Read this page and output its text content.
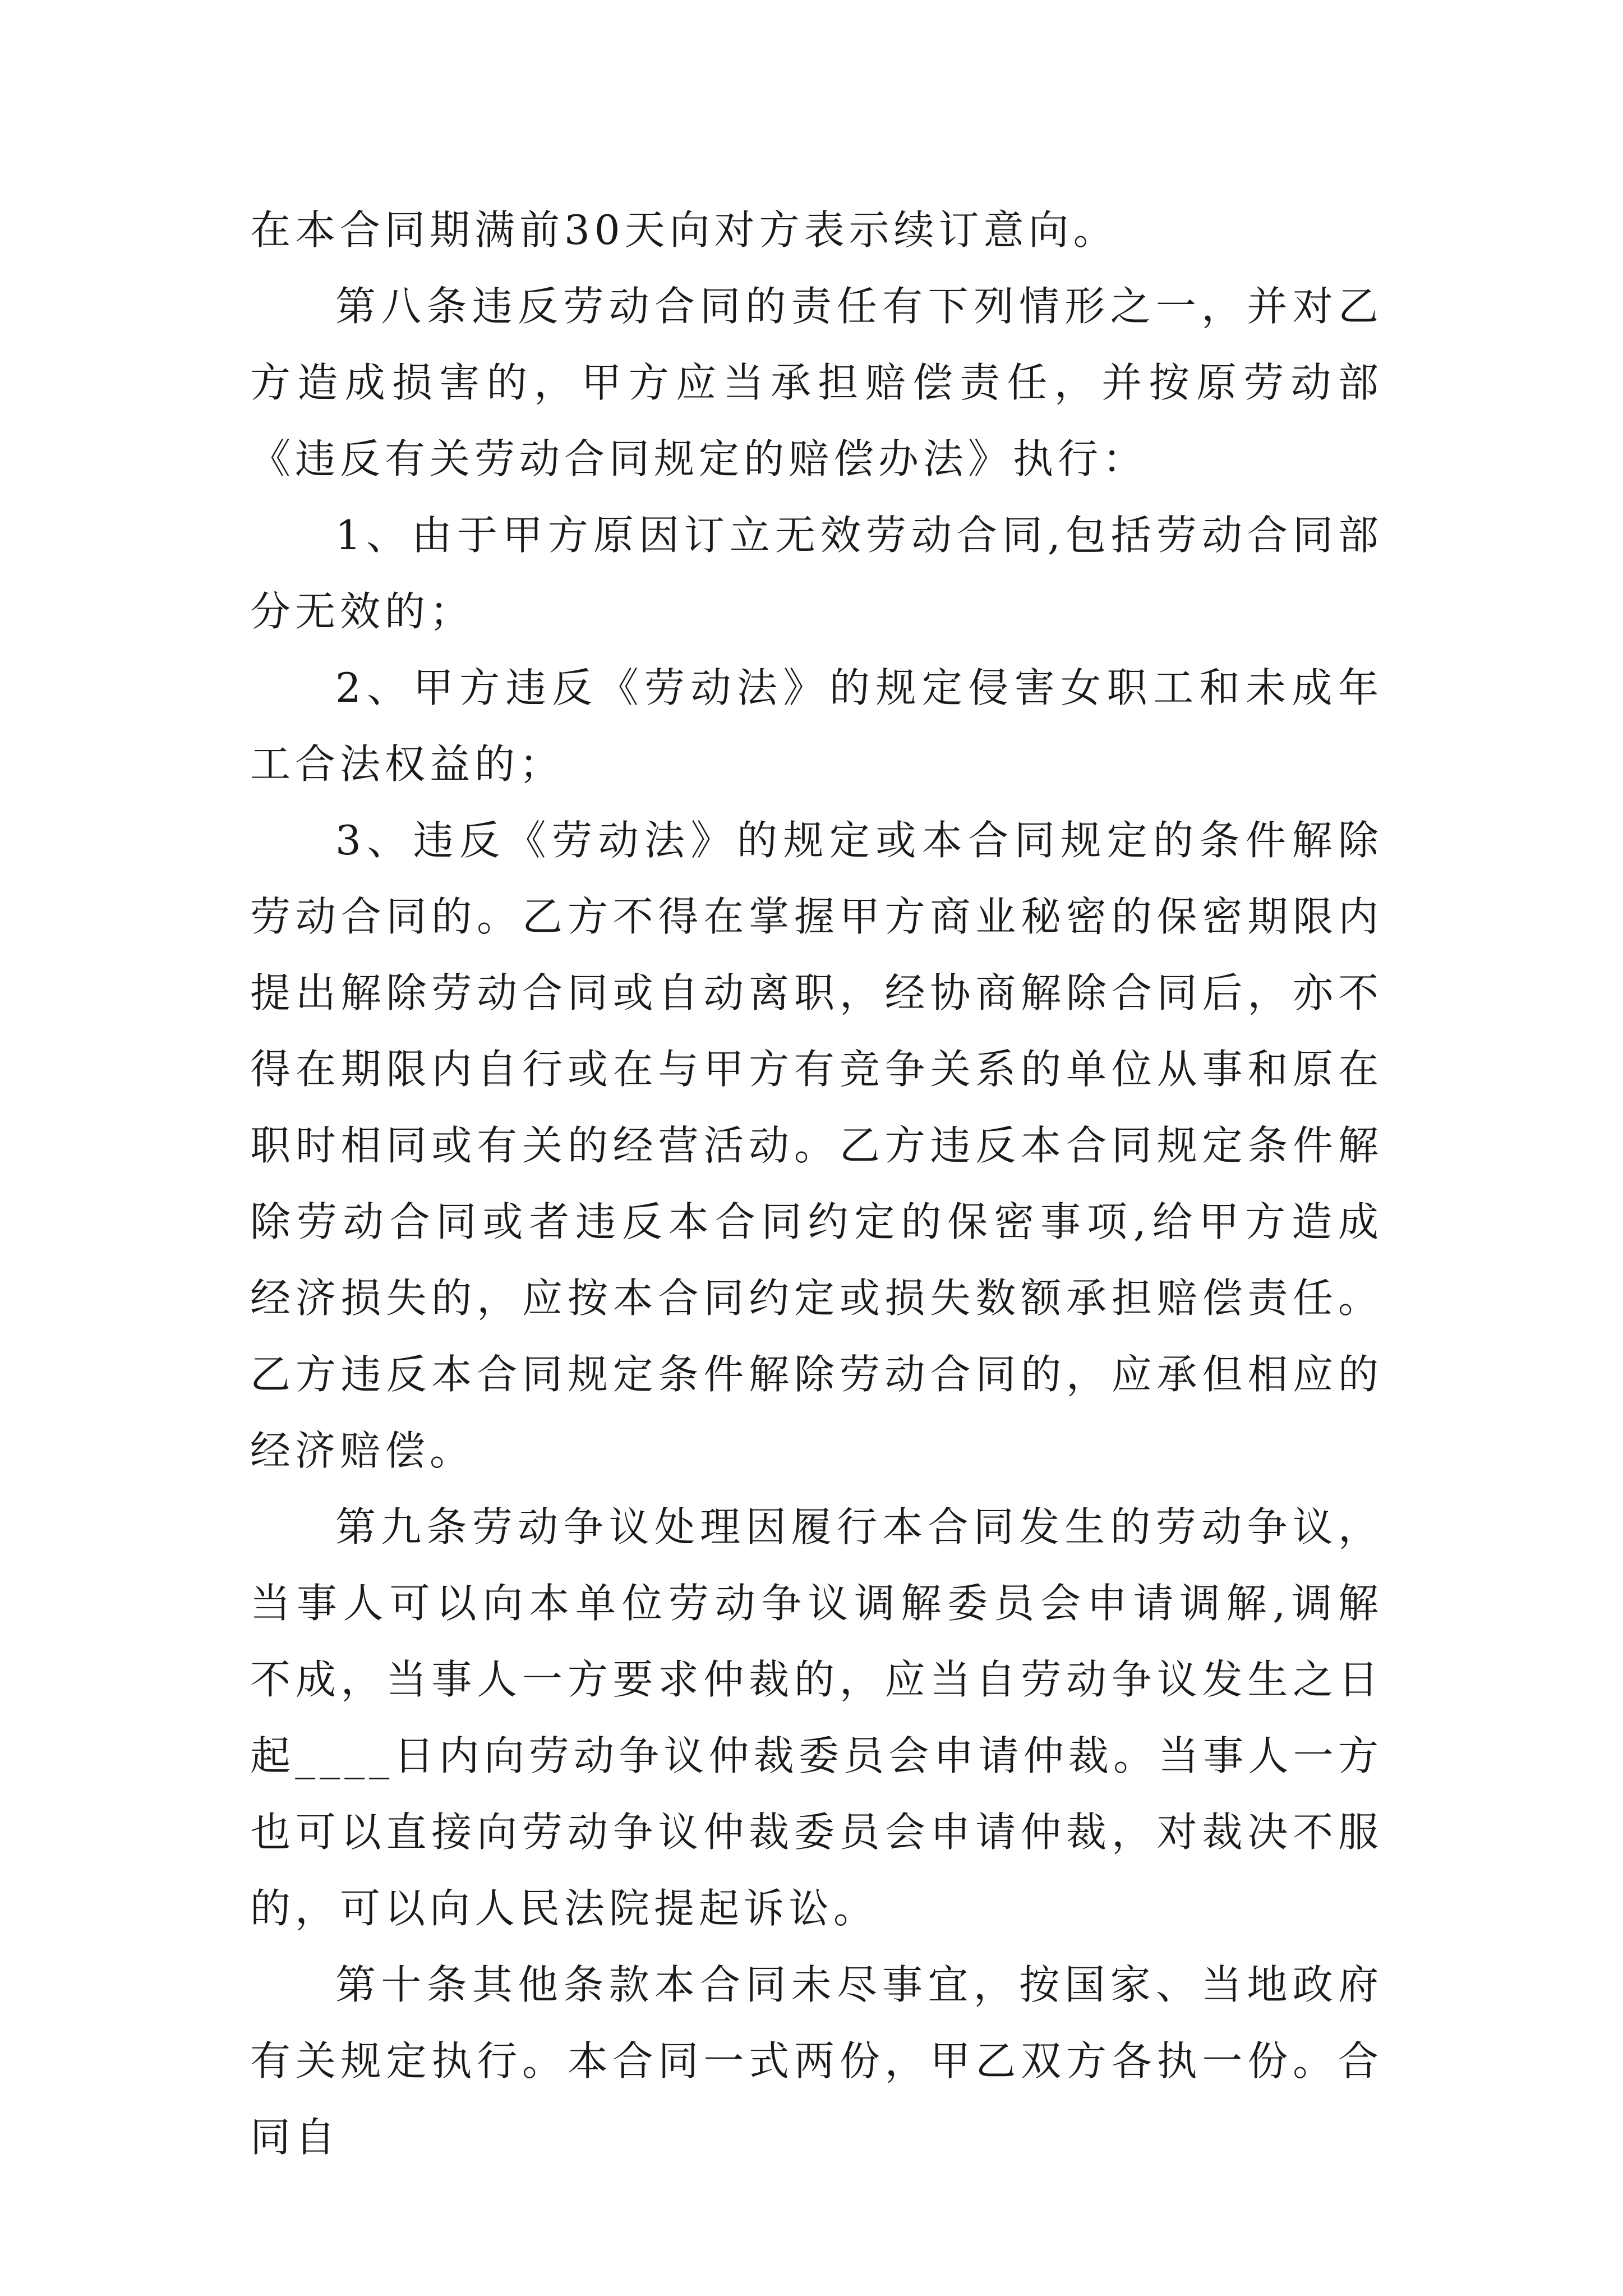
在本合同期满前30天向对方表示续订意向。

第八条违反劳动合同的责任有下列情形之一，并对乙方造成损害的，甲方应当承担赔偿责任，并按原劳动部《违反有关劳动合同规定的赔偿办法》执行：

1、由于甲方原因订立无效劳动合同,包括劳动合同部分无效的；

2、甲方违反《劳动法》的规定侵害女职工和未成年工合法权益的；

3、违反《劳动法》的规定或本合同规定的条件解除劳动合同的。乙方不得在掌握甲方商业秘密的保密期限内提出解除劳动合同或自动离职，经协商解除合同后，亦不得在期限内自行或在与甲方有竞争关系的单位从事和原在职时相同或有关的经营活动。乙方违反本合同规定条件解除劳动合同或者违反本合同约定的保密事项,给甲方造成经济损失的，应按本合同约定或损失数额承担赔偿责任。乙方违反本合同规定条件解除劳动合同的，应承但相应的经济赔偿。

第九条劳动争议处理因履行本合同发生的劳动争议，当事人可以向本单位劳动争议调解委员会申请调解,调解不成，当事人一方要求仲裁的，应当自劳动争议发生之日起____日内向劳动争议仲裁委员会申请仲裁。当事人一方也可以直接向劳动争议仲裁委员会申请仲裁，对裁决不服的，可以向人民法院提起诉讼。

第十条其他条款本合同未尽事宜，按国家、当地政府有关规定执行。本合同一式两份，甲乙双方各执一份。合同自
